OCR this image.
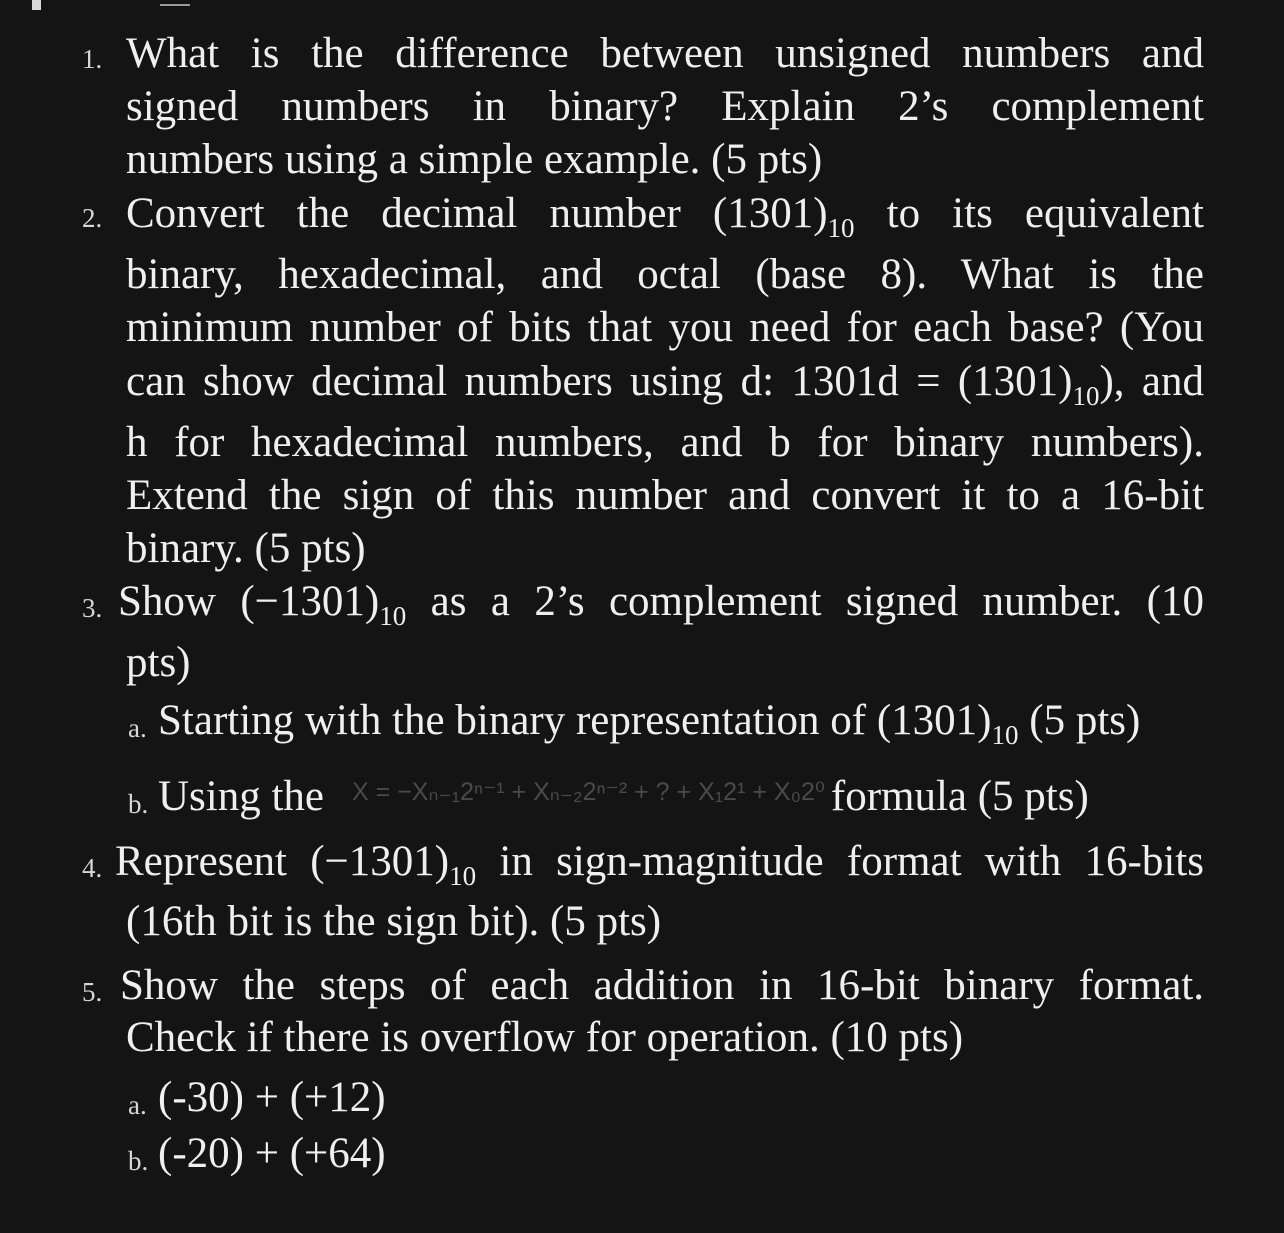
1. What is the difference between unsigned numbers and
signed numbers in binary? Explain 2’s complement
numbers using a simple example. (5 pts)
2. Convert the decimal number $(1301)_{10}$ to its equivalent
binary, hexadecimal, and octal (base 8). What is the
minimum number of bits that you need for each base? (You
can show decimal numbers using d: $1301d = (1301)_{10}$), and
h for hexadecimal numbers, and b for binary numbers).
Extend the sign of this number and convert it to a 16-bit
binary. (5 pts)
3. Show $(-1301)_{10}$ as a 2’s complement signed number. (10
pts)
a. Starting with the binary representation of $(1301)_{10}$ (5 pts)
b. Using the X = −Xₙ₋₁2ⁿ⁻¹ + Xₙ₋₂2ⁿ⁻² + ? + X₁2¹ + X₀2⁰ formula (5 pts)
4. Represent $(-1301)_{10}$ in sign-magnitude format with 16-bits
(16th bit is the sign bit). (5 pts)
5. Show the steps of each addition in 16-bit binary format.
Check if there is overflow for operation. (10 pts)
a. (-30) + (+12)
b. (-20) + (+64)
